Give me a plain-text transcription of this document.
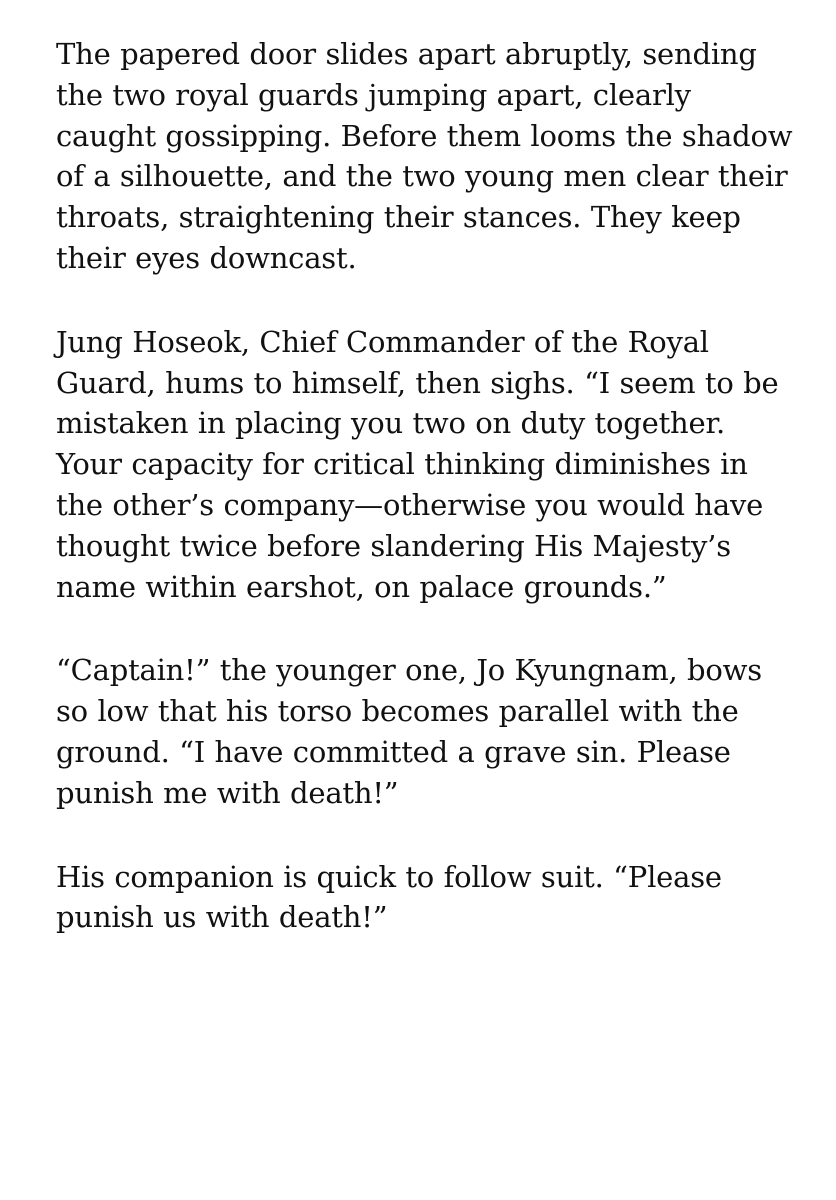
The papered door slides apart abruptly, sending the two royal guards jumping apart, clearly caught gossipping. Before them looms the shadow of a silhouette, and the two young men clear their throats, straightening their stances. They keep their eyes downcast.

Jung Hoseok, Chief Commander of the Royal Guard, hums to himself, then sighs. “I seem to be mistaken in placing you two on duty together. Your capacity for critical thinking diminishes in the other’s company—otherwise you would have thought twice before slandering His Majesty’s name within earshot, on palace grounds.”

“Captain!” the younger one, Jo Kyungnam, bows so low that his torso becomes parallel with the ground. “I have committed a grave sin. Please punish me with death!”

His companion is quick to follow suit. “Please punish us with death!”
